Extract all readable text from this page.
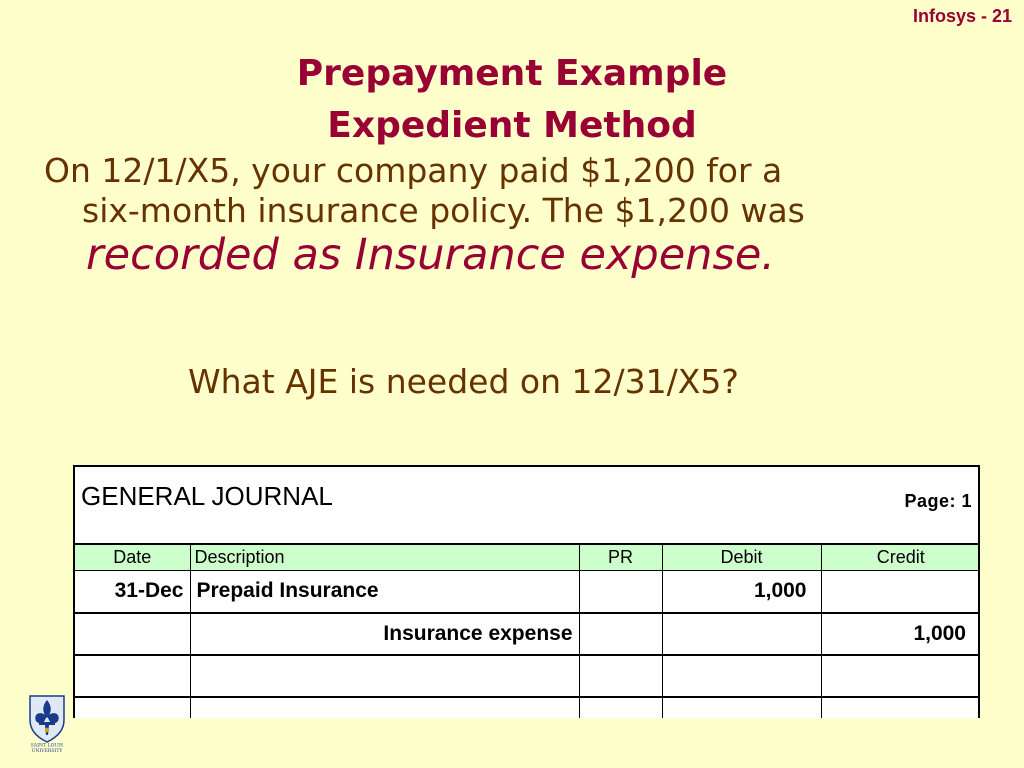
Infosys - 21
Prepayment Example
Expedient Method
On 12/1/X5, your company paid $1,200 for a
six-month insurance policy. The $1,200 was
recorded as Insurance expense.
What AJE is needed on 12/31/X5?
GENERAL JOURNAL	Page: 1
Date	Description	PR	Debit	Credit
31-Dec	Prepaid Insurance		1,000	
	Insurance expense			1,000

SAINT LOUIS
UNIVERSITY
